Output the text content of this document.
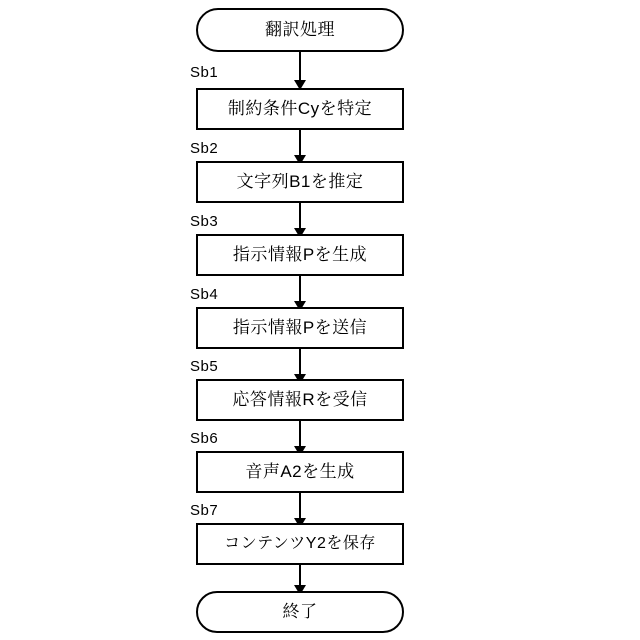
翻訳処理
Sb1
制約条件Cyを特定
Sb2
文字列B1を推定
Sb3
指示情報Pを生成
Sb4
指示情報Pを送信
Sb5
応答情報Rを受信
Sb6
音声A2を生成
Sb7
コンテンツY2を保存
終了
